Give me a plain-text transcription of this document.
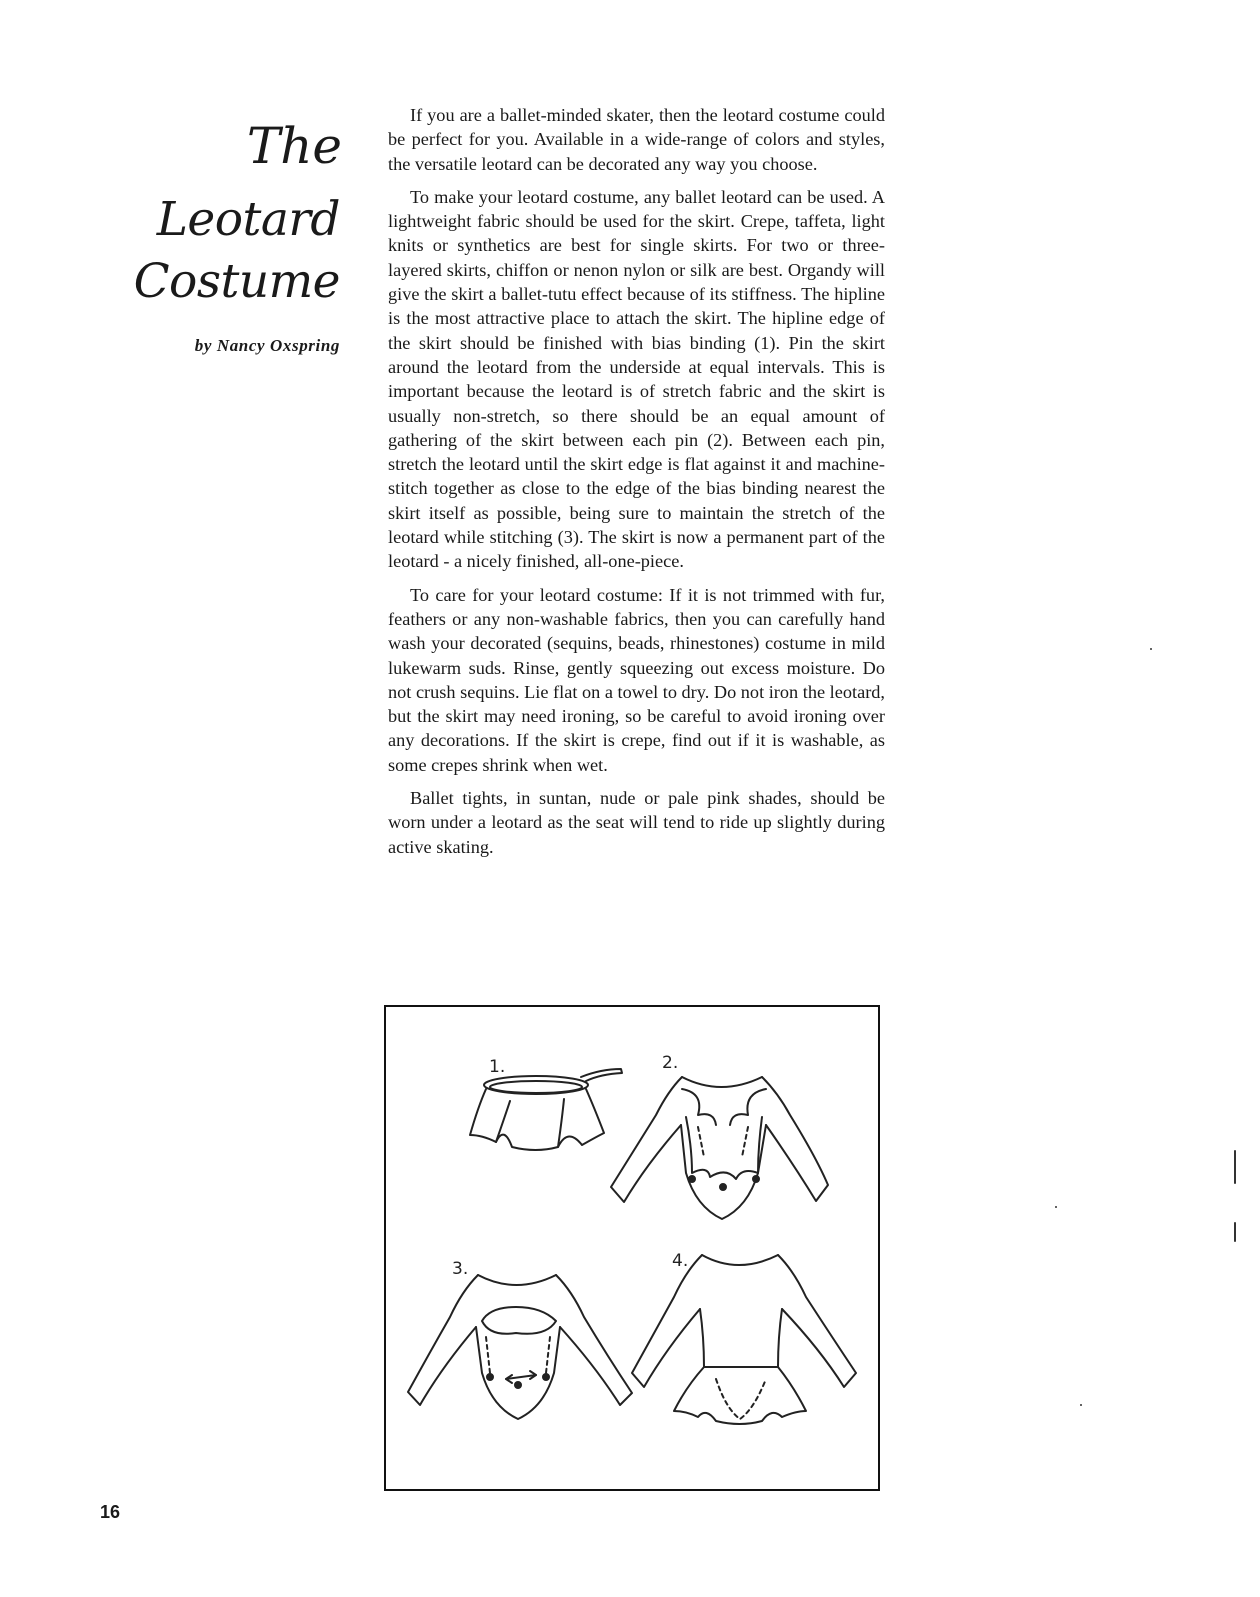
The
Leotard
Costume
by Nancy Oxspring

If you are a ballet-minded skater, then the leotard costume could be perfect for you. Available in a wide-range of colors and styles, the versatile leotard can be decorated any way you choose.

To make your leotard costume, any ballet leotard can be used. A lightweight fabric should be used for the skirt. Crepe, taffeta, light knits or synthetics are best for single skirts. For two or three-layered skirts, chiffon or nenon nylon or silk are best. Organdy will give the skirt a ballet-tutu effect because of its stiffness. The hipline is the most attractive place to attach the skirt. The hipline edge of the skirt should be finished with bias binding (1). Pin the skirt around the leotard from the underside at equal intervals. This is important because the leotard is of stretch fabric and the skirt is usually non-stretch, so there should be an equal amount of gathering of the skirt between each pin (2). Between each pin, stretch the leotard until the skirt edge is flat against it and machine-stitch together as close to the edge of the bias binding nearest the skirt itself as possible, being sure to maintain the stretch of the leotard while stitching (3). The skirt is now a permanent part of the leotard - a nicely finished, all-one-piece.

To care for your leotard costume: If it is not trimmed with fur, feathers or any non-washable fabrics, then you can carefully hand wash your decorated (sequins, beads, rhinestones) costume in mild lukewarm suds. Rinse, gently squeezing out excess moisture. Do not crush sequins. Lie flat on a towel to dry. Do not iron the leotard, but the skirt may need ironing, so be careful to avoid ironing over any decorations. If the skirt is crepe, find out if it is washable, as some crepes shrink when wet.

Ballet tights, in suntan, nude or pale pink shades, should be worn under a leotard as the seat will tend to ride up slightly during active skating.

1.	2.
3.	4.
16
